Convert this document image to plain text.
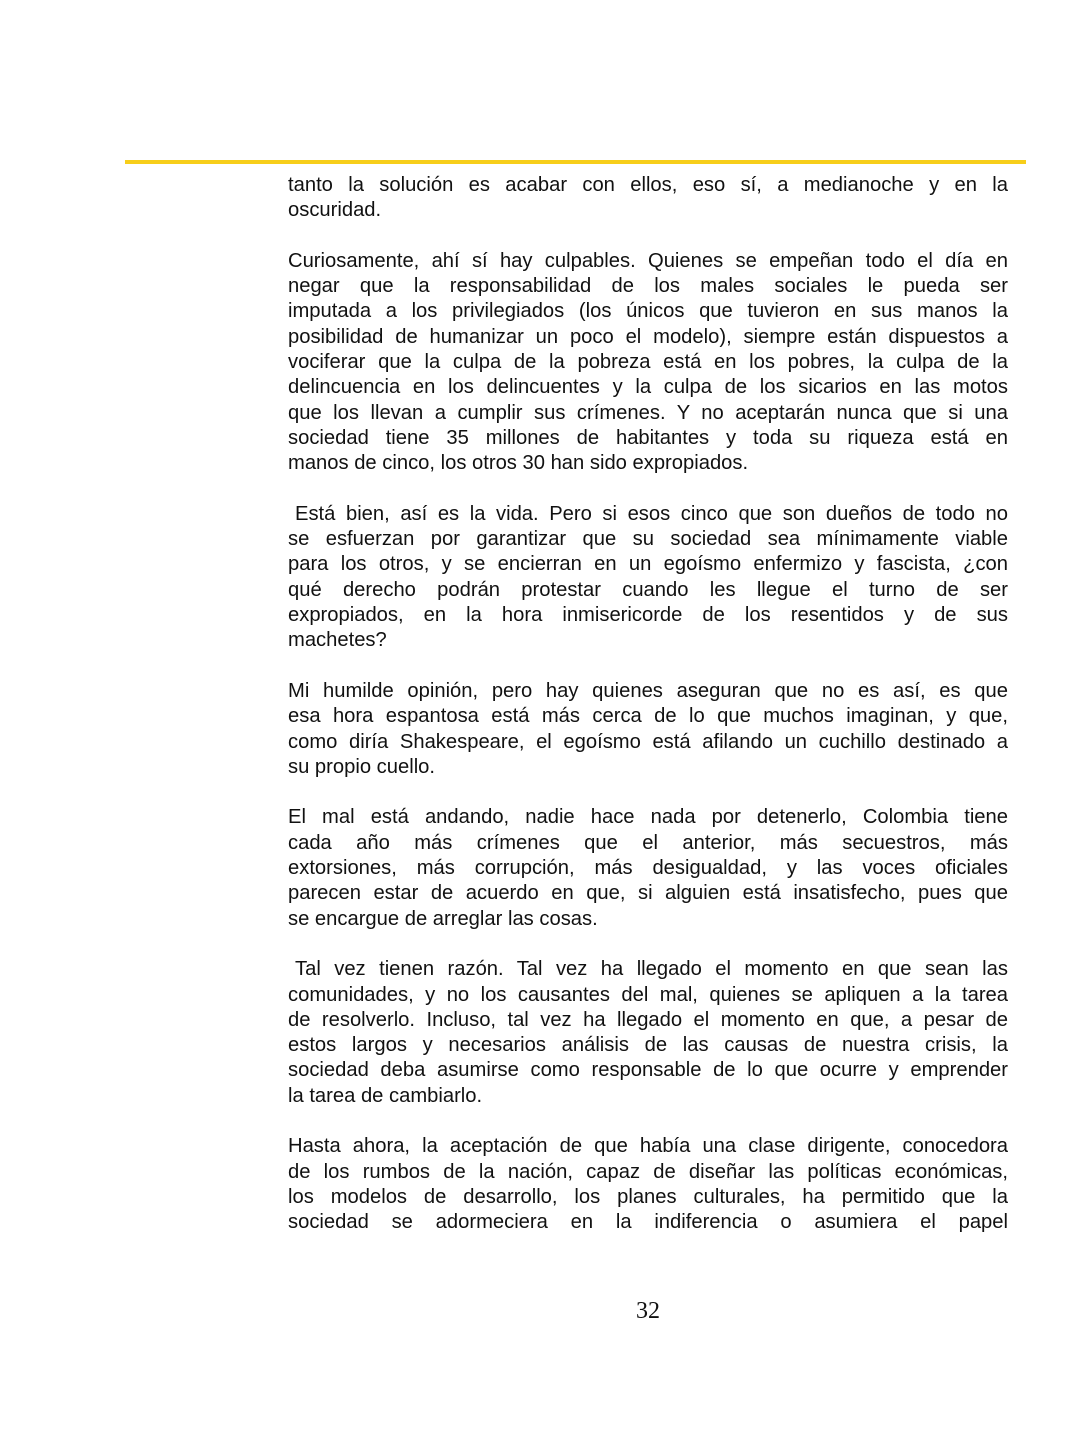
tanto la solución es acabar con ellos, eso sí, a medianoche y en la
oscuridad.
Curiosamente, ahí sí hay culpables. Quienes se empeñan todo el día en
negar que la responsabilidad de los males sociales le pueda ser
imputada a los privilegiados (los únicos que tuvieron en sus manos la
posibilidad de humanizar un poco el modelo), siempre están dispuestos a
vociferar que la culpa de la pobreza está en los pobres, la culpa de la
delincuencia en los delincuentes y la culpa de los sicarios en las motos
que los llevan a cumplir sus crímenes. Y no aceptarán nunca que si una
sociedad tiene 35 millones de habitantes y toda su riqueza está en
manos de cinco, los otros 30 han sido expropiados.
Está bien, así es la vida. Pero si esos cinco que son dueños de todo no
se esfuerzan por garantizar que su sociedad sea mínimamente viable
para los otros, y se encierran en un egoísmo enfermizo y fascista, ¿con
qué derecho podrán protestar cuando les llegue el turno de ser
expropiados, en la hora inmisericorde de los resentidos y de sus
machetes?
Mi humilde opinión, pero hay quienes aseguran que no es así, es que
esa hora espantosa está más cerca de lo que muchos imaginan, y que,
como diría Shakespeare, el egoísmo está afilando un cuchillo destinado a
su propio cuello.
El mal está andando, nadie hace nada por detenerlo, Colombia tiene
cada año más crímenes que el anterior, más secuestros, más
extorsiones, más corrupción, más desigualdad, y las voces oficiales
parecen estar de acuerdo en que, si alguien está insatisfecho, pues que
se encargue de arreglar las cosas.
Tal vez tienen razón. Tal vez ha llegado el momento en que sean las
comunidades, y no los causantes del mal, quienes se apliquen a la tarea
de resolverlo. Incluso, tal vez ha llegado el momento en que, a pesar de
estos largos y necesarios análisis de las causas de nuestra crisis, la
sociedad deba asumirse como responsable de lo que ocurre y emprender
la tarea de cambiarlo.
Hasta ahora, la aceptación de que había una clase dirigente, conocedora
de los rumbos de la nación, capaz de diseñar las políticas económicas,
los modelos de desarrollo, los planes culturales, ha permitido que la
sociedad se adormeciera en la indiferencia o asumiera el papel
32
